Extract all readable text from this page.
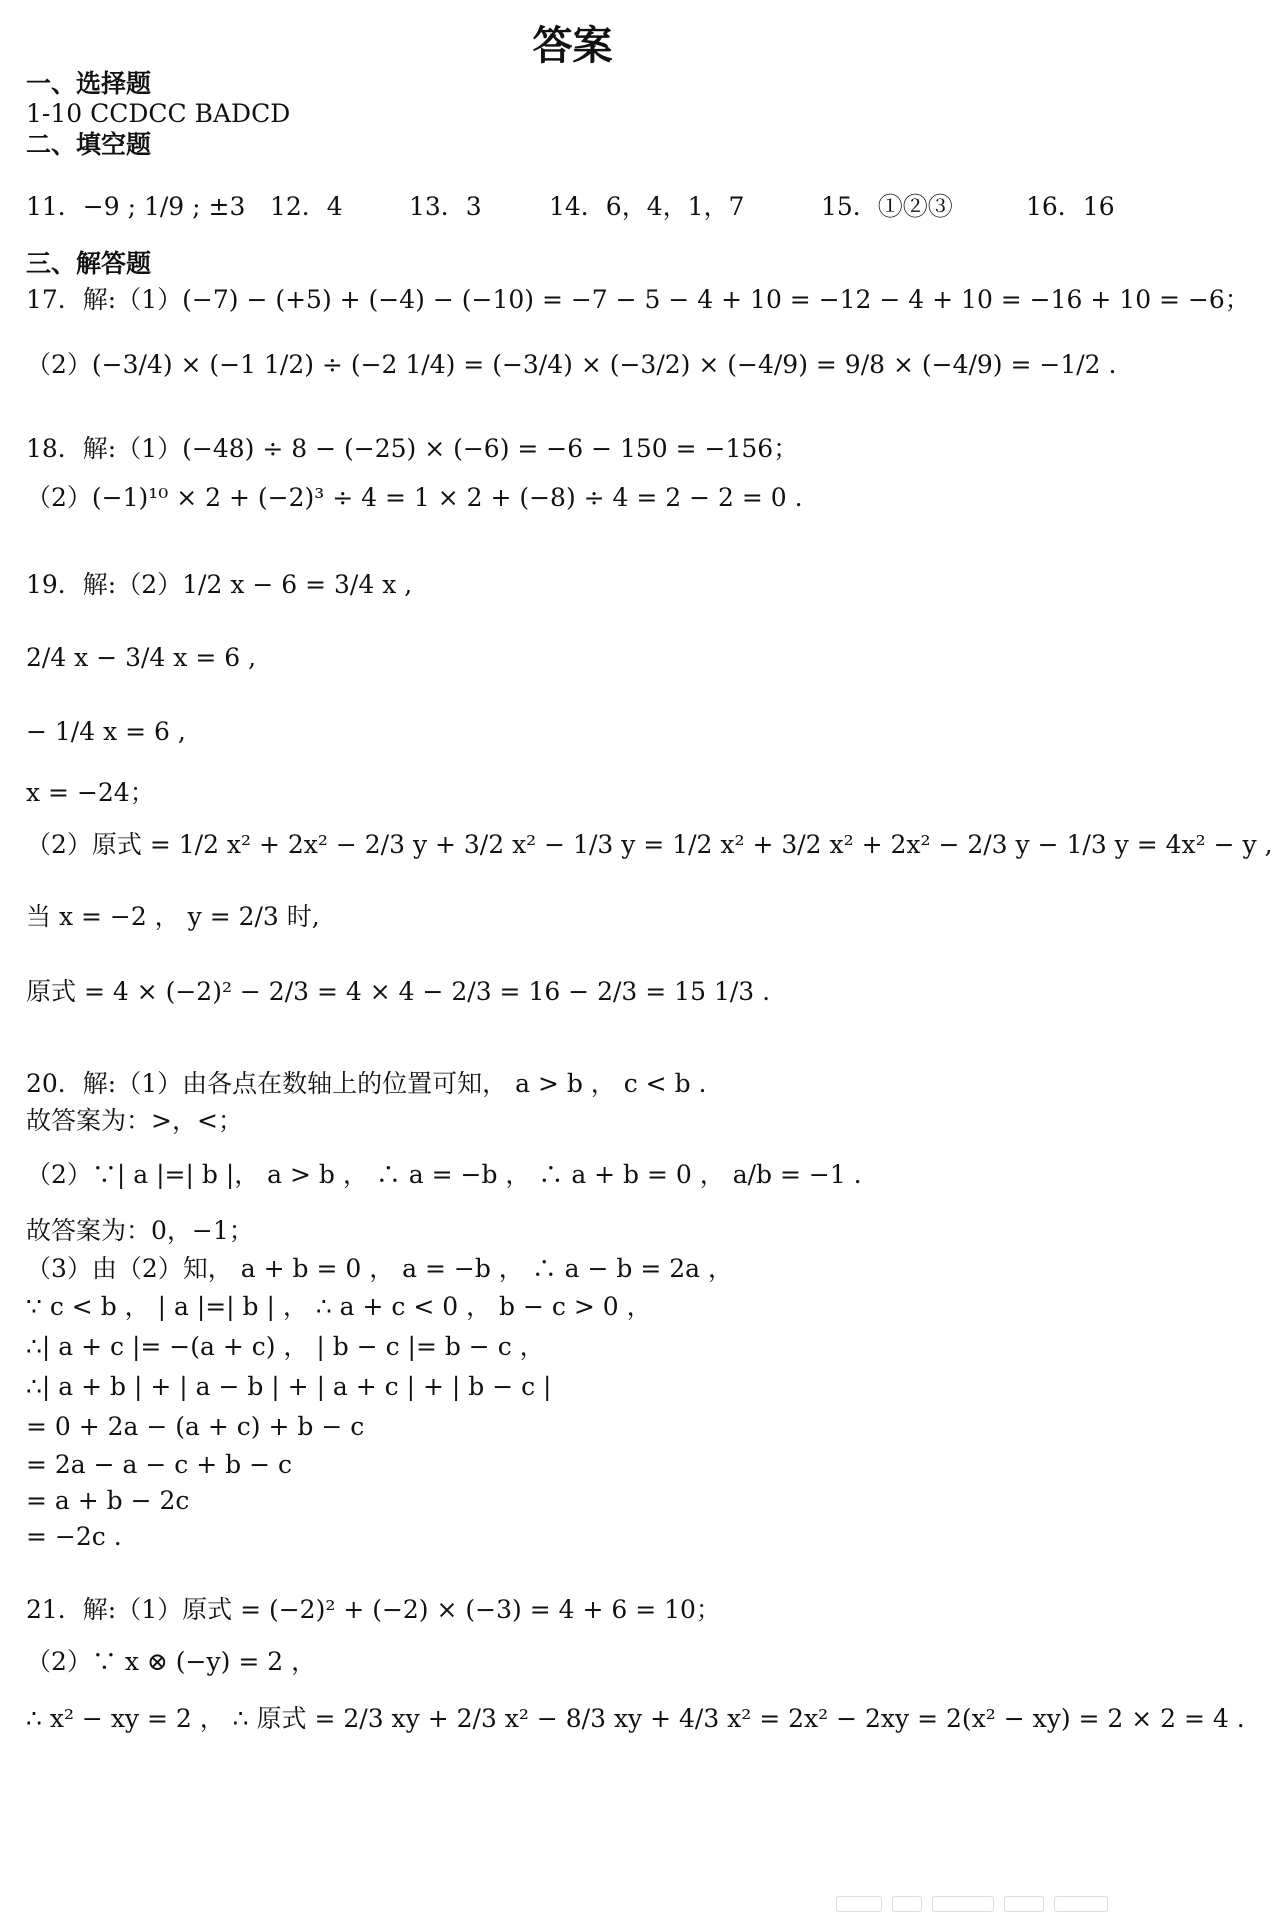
答案
一、选择题
1-10 CCDCC BADCD
二、填空题
11．−9 ; 1/9 ; ±3 12．4	13．3	14．6，4，1，7	15．①②③	16．16
三、解答题
17．解:（1）(−7) − (+5) + (−4) − (−10) = −7 − 5 − 4 + 10 = −12 − 4 + 10 = −16 + 10 = −6；
（2）(−3/4) × (−1 1/2) ÷ (−2 1/4) = (−3/4) × (−3/2) × (−4/9) = 9/8 × (−4/9) = −1/2 .
18．解:（1）(−48) ÷ 8 − (−25) × (−6) = −6 − 150 = −156；
（2）(−1)¹⁰ × 2 + (−2)³ ÷ 4 = 1 × 2 + (−8) ÷ 4 = 2 − 2 = 0 .
19．解:（2）1/2 x − 6 = 3/4 x ,
2/4 x − 3/4 x = 6 ,
− 1/4 x = 6 ,
x = −24；
（2）原式 = 1/2 x² + 2x² − 2/3 y + 3/2 x² − 1/3 y = 1/2 x² + 3/2 x² + 2x² − 2/3 y − 1/3 y = 4x² − y ,
当 x = −2 ， y = 2/3 时,
原式 = 4 × (−2)² − 2/3 = 4 × 4 − 2/3 = 16 − 2/3 = 15 1/3 .
20．解:（1）由各点在数轴上的位置可知， a > b ， c < b .
故答案为：>，<；
（2）∵| a |=| b |， a > b ， ∴ a = −b ， ∴ a + b = 0 ， a/b = −1 .
故答案为：0，−1；
（3）由（2）知， a + b = 0 ， a = −b ， ∴ a − b = 2a ，
∵ c < b ， | a |=| b | ， ∴ a + c < 0 ， b − c > 0 ，
∴| a + c |= −(a + c) ， | b − c |= b − c ，
∴| a + b | + | a − b | + | a + c | + | b − c |
= 0 + 2a − (a + c) + b − c
= 2a − a − c + b − c
= a + b − 2c
= −2c .
21．解:（1）原式 = (−2)² + (−2) × (−3) = 4 + 6 = 10；
（2）∵ x ⊗ (−y) = 2 ，
∴ x² − xy = 2 ， ∴ 原式 = 2/3 xy + 2/3 x² − 8/3 xy + 4/3 x² = 2x² − 2xy = 2(x² − xy) = 2 × 2 = 4 .
